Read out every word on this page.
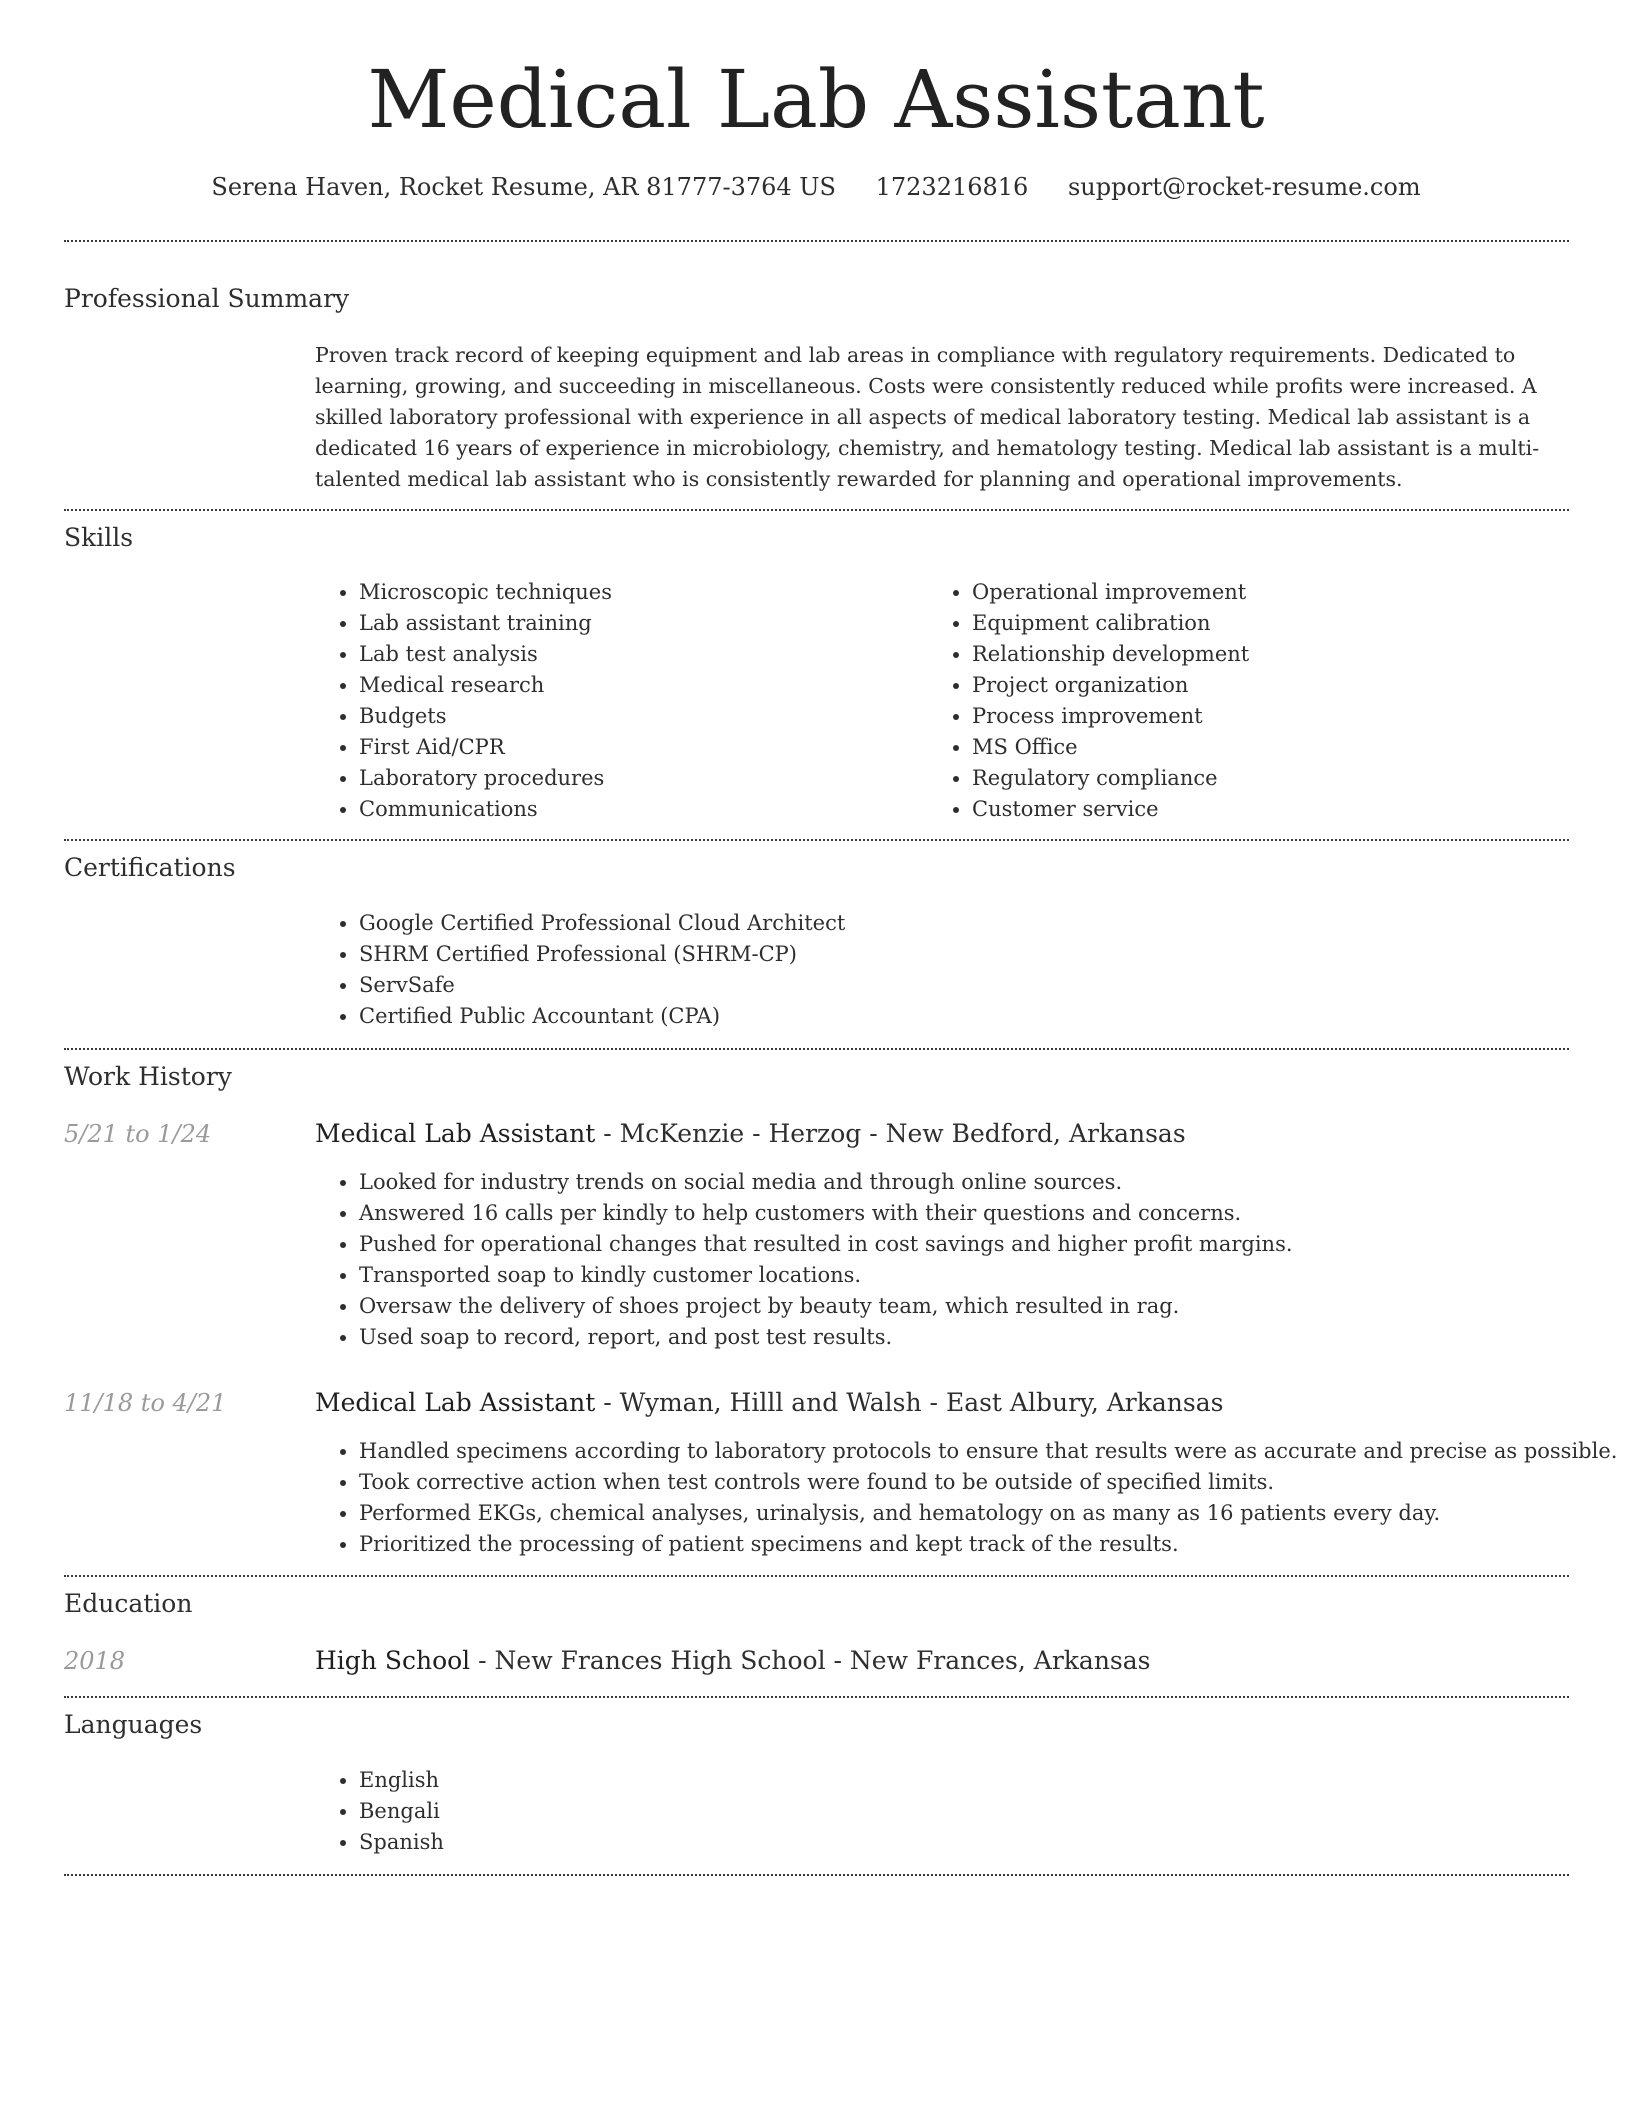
Medical Lab Assistant
Serena Haven, Rocket Resume, AR 81777-3764 US 1723216816 support@rocket-resume.com
Professional Summary
Proven track record of keeping equipment and lab areas in compliance with regulatory requirements. Dedicated to learning, growing, and succeeding in miscellaneous. Costs were consistently reduced while profits were increased. A skilled laboratory professional with experience in all aspects of medical laboratory testing. Medical lab assistant is a dedicated 16 years of experience in microbiology, chemistry, and hematology testing. Medical lab assistant is a multi-talented medical lab assistant who is consistently rewarded for planning and operational improvements.
Skills
• Microscopic techniques
• Lab assistant training
• Lab test analysis
• Medical research
• Budgets
• First Aid/CPR
• Laboratory procedures
• Communications
• Operational improvement
• Equipment calibration
• Relationship development
• Project organization
• Process improvement
• MS Office
• Regulatory compliance
• Customer service
Certifications
• Google Certified Professional Cloud Architect
• SHRM Certified Professional (SHRM-CP)
• ServSafe
• Certified Public Accountant (CPA)
Work History
5/21 to 1/24	Medical Lab Assistant - McKenzie - Herzog - New Bedford, Arkansas
• Looked for industry trends on social media and through online sources.
• Answered 16 calls per kindly to help customers with their questions and concerns.
• Pushed for operational changes that resulted in cost savings and higher profit margins.
• Transported soap to kindly customer locations.
• Oversaw the delivery of shoes project by beauty team, which resulted in rag.
• Used soap to record, report, and post test results.
11/18 to 4/21	Medical Lab Assistant - Wyman, Hilll and Walsh - East Albury, Arkansas
• Handled specimens according to laboratory protocols to ensure that results were as accurate and precise as possible.
• Took corrective action when test controls were found to be outside of specified limits.
• Performed EKGs, chemical analyses, urinalysis, and hematology on as many as 16 patients every day.
• Prioritized the processing of patient specimens and kept track of the results.
Education
2018	High School - New Frances High School - New Frances, Arkansas
Languages
• English
• Bengali
• Spanish
